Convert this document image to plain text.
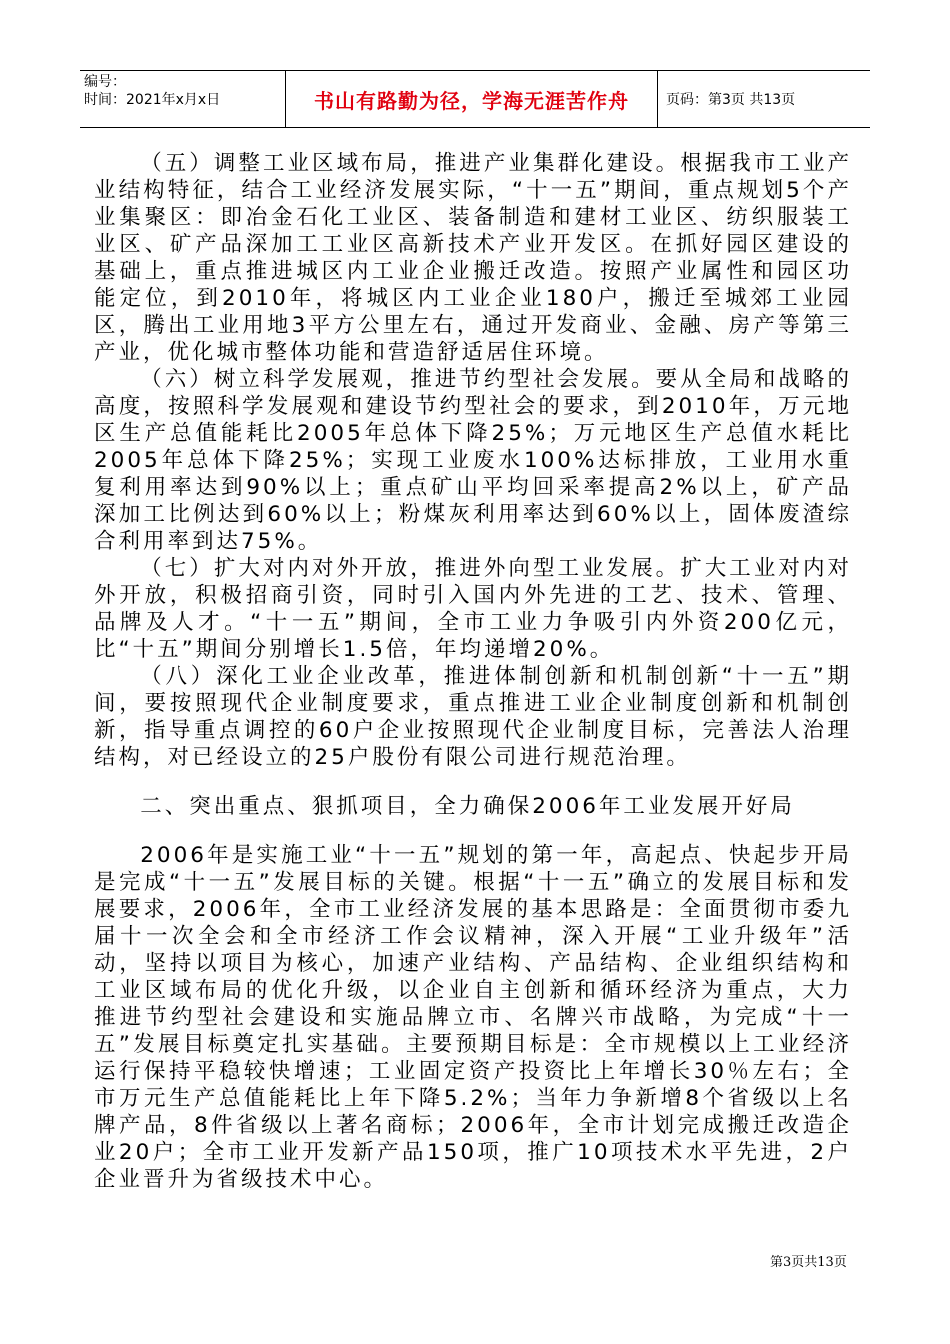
编号：
时间：2021年x月x日	书山有路勤为径，学海无涯苦作舟	页码：第3页 共13页

（五）调整工业区域布局，推进产业集群化建设。根据我市工业产业结构特征，结合工业经济发展实际，“十一五”期间，重点规划5个产业集聚区：即冶金石化工业区、装备制造和建材工业区、纺织服装工业区、矿产品深加工工业区高新技术产业开发区。在抓好园区建设的基础上，重点推进城区内工业企业搬迁改造。按照产业属性和园区功能定位，到2010年，将城区内工业企业180户，搬迁至城郊工业园区，腾出工业用地3平方公里左右，通过开发商业、金融、房产等第三产业，优化城市整体功能和营造舒适居住环境。

（六）树立科学发展观，推进节约型社会发展。要从全局和战略的高度，按照科学发展观和建设节约型社会的要求，到2010年，万元地区生产总值能耗比2005年总体下降25%；万元地区生产总值水耗比2005年总体下降25%；实现工业废水100%达标排放，工业用水重复利用率达到90%以上；重点矿山平均回采率提高2%以上，矿产品深加工比例达到60%以上；粉煤灰利用率达到60%以上，固体废渣综合利用率到达75%。

（七）扩大对内对外开放，推进外向型工业发展。扩大工业对内对外开放，积极招商引资，同时引入国内外先进的工艺、技术、管理、品牌及人才。“十一五”期间，全市工业力争吸引内外资200亿元，比“十五”期间分别增长1.5倍，年均递增20%。

（八）深化工业企业改革，推进体制创新和机制创新“十一五”期间，要按照现代企业制度要求，重点推进工业企业制度创新和机制创新，指导重点调控的60户企业按照现代企业制度目标，完善法人治理结构，对已经设立的25户股份有限公司进行规范治理。

二、突出重点、狠抓项目，全力确保2006年工业发展开好局

2006年是实施工业“十一五”规划的第一年，高起点、快起步开局是完成“十一五”发展目标的关键。根据“十一五”确立的发展目标和发展要求，2006年，全市工业经济发展的基本思路是：全面贯彻市委九届十一次全会和全市经济工作会议精神，深入开展“工业升级年”活动，坚持以项目为核心，加速产业结构、产品结构、企业组织结构和工业区域布局的优化升级，以企业自主创新和循环经济为重点，大力推进节约型社会建设和实施品牌立市、名牌兴市战略，为完成“十一五”发展目标奠定扎实基础。主要预期目标是：全市规模以上工业经济运行保持平稳较快增速；工业固定资产投资比上年增长30％左右；全市万元生产总值能耗比上年下降5.2%；当年力争新增8个省级以上名牌产品，8件省级以上著名商标；2006年，全市计划完成搬迁改造企业20户；全市工业开发新产品150项，推广10项技术水平先进，2户企业晋升为省级技术中心。

第3页共13页
